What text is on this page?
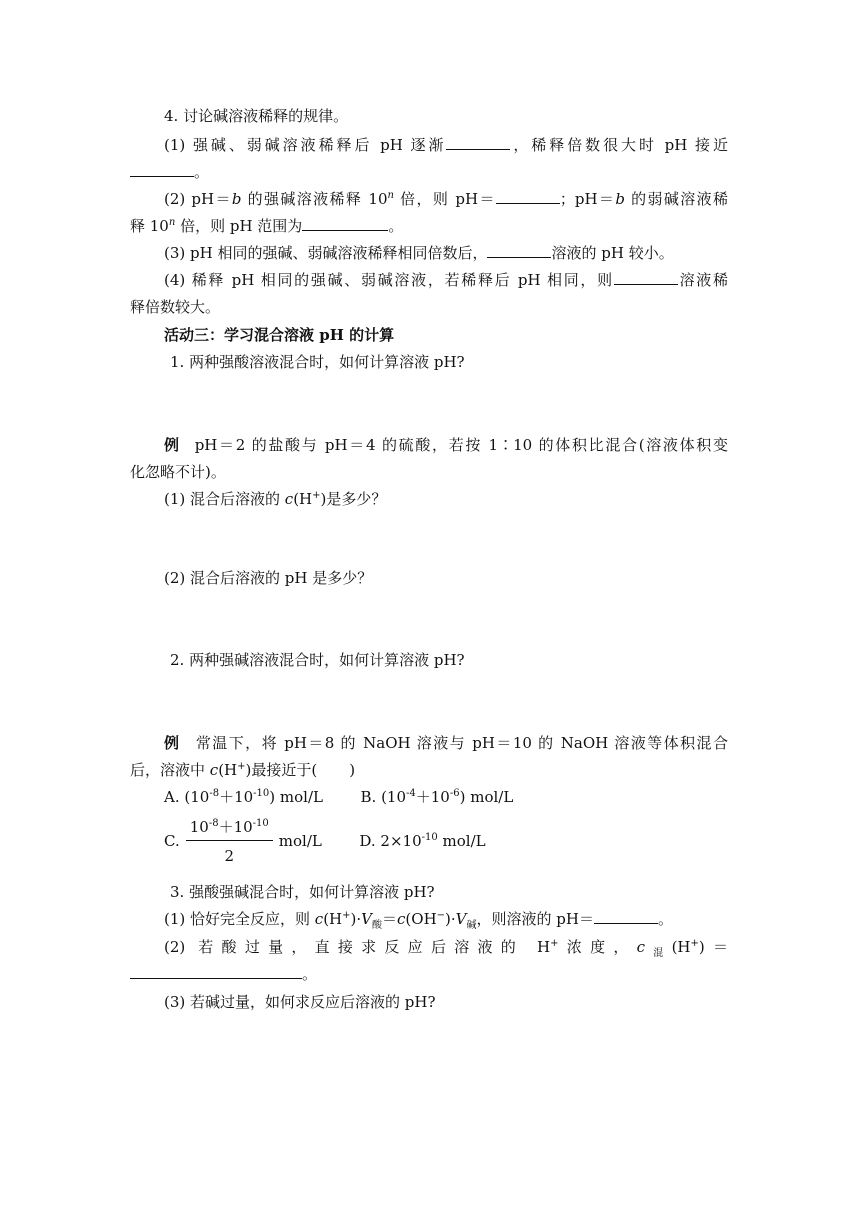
4. 讨论碱溶液稀释的规律。
(1) 强碱、弱碱溶液稀释后 pH 逐渐	，稀释倍数很大时 pH 接近
。
(2) pH＝b 的强碱溶液稀释 10$^n$ 倍，则 pH＝	；pH＝b 的弱碱溶液稀
释 10$^n$ 倍，则 pH 范围为	。
(3) pH 相同的强碱、弱碱溶液稀释相同倍数后，	溶液的 pH 较小。
(4) 稀释 pH 相同的强碱、弱碱溶液，若稀释后 pH 相同，则	溶液稀
释倍数较大。
活动三：学习混合溶液 pH 的计算
1. 两种强酸溶液混合时，如何计算溶液 pH?
例 pH＝2 的盐酸与 pH＝4 的硫酸，若按 1∶10 的体积比混合(溶液体积变
化忽略不计)。
(1) 混合后溶液的 c(H+)是多少？
(2) 混合后溶液的 pH 是多少？
2. 两种强碱溶液混合时，如何计算溶液 pH?
例 常温下，将 pH＝8 的 NaOH 溶液与 pH＝10 的 NaOH 溶液等体积混合
后，溶液中 c(H+)最接近于( )
A. $(10^{-8}+10^{-10})$ mol/L	B. $(10^{-4}+10^{-6})$ mol/L
C. $\frac{10^{-8}+10^{-10}}{2} mol/L$	D. $2\times 10^{-10}$ mol/L
3. 强酸强碱混合时，如何计算溶液 pH?
(1) 恰好完全反应，则 $c(H^+)\cdot V_酸=c(OH^-)\cdot V_碱$，则溶液的 pH＝	。
(2) 若酸过量，直接求反应后溶液的 H+浓度，$c_混(H^+)=$
。
(3) 若碱过量，如何求反应后溶液的 pH?
